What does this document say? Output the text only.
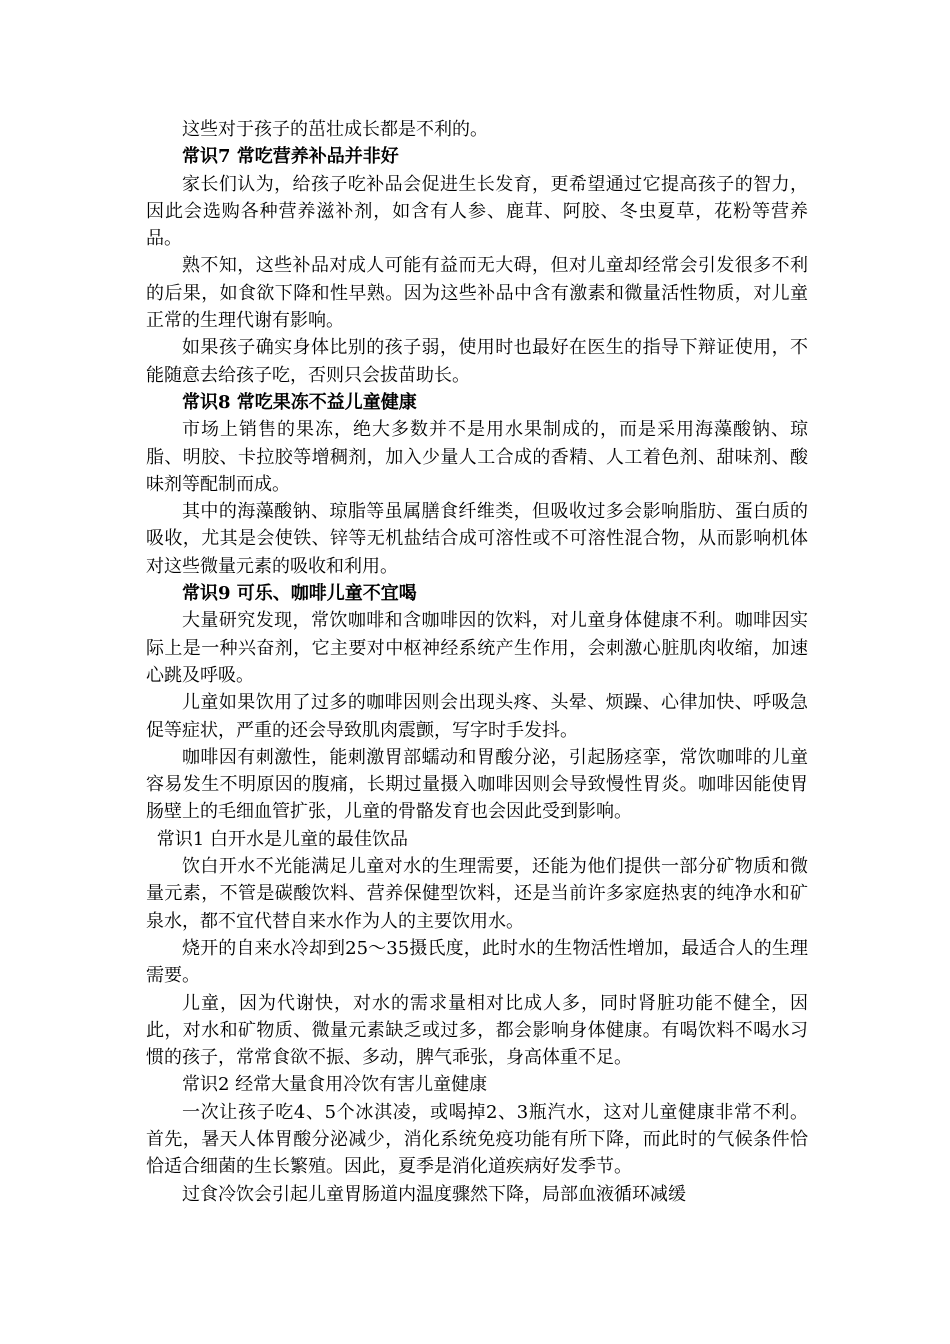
这些对于孩子的茁壮成长都是不利的。

常识7 常吃营养补品并非好

家长们认为，给孩子吃补品会促进生长发育，更希望通过它提高孩子的智力，因此会选购各种营养滋补剂，如含有人参、鹿茸、阿胶、冬虫夏草，花粉等营养品。

熟不知，这些补品对成人可能有益而无大碍，但对儿童却经常会引发很多不利的后果，如食欲下降和性早熟。因为这些补品中含有激素和微量活性物质，对儿童正常的生理代谢有影响。

如果孩子确实身体比别的孩子弱，使用时也最好在医生的指导下辩证使用，不能随意去给孩子吃，否则只会拔苗助长。

常识8 常吃果冻不益儿童健康

市场上销售的果冻，绝大多数并不是用水果制成的，而是采用海藻酸钠、琼脂、明胶、卡拉胶等增稠剂，加入少量人工合成的香精、人工着色剂、甜味剂、酸味剂等配制而成。

其中的海藻酸钠、琼脂等虽属膳食纤维类，但吸收过多会影响脂肪、蛋白质的吸收，尤其是会使铁、锌等无机盐结合成可溶性或不可溶性混合物，从而影响机体对这些微量元素的吸收和利用。

常识9 可乐、咖啡儿童不宜喝

大量研究发现，常饮咖啡和含咖啡因的饮料，对儿童身体健康不利。咖啡因实际上是一种兴奋剂，它主要对中枢神经系统产生作用，会刺激心脏肌肉收缩，加速心跳及呼吸。

儿童如果饮用了过多的咖啡因则会出现头疼、头晕、烦躁、心律加快、呼吸急促等症状，严重的还会导致肌肉震颤，写字时手发抖。

咖啡因有刺激性，能刺激胃部蠕动和胃酸分泌，引起肠痉挛，常饮咖啡的儿童容易发生不明原因的腹痛，长期过量摄入咖啡因则会导致慢性胃炎。咖啡因能使胃肠壁上的毛细血管扩张，儿童的骨骼发育也会因此受到影响。

常识1 白开水是儿童的最佳饮品

饮白开水不光能满足儿童对水的生理需要，还能为他们提供一部分矿物质和微量元素，不管是碳酸饮料、营养保健型饮料，还是当前许多家庭热衷的纯净水和矿泉水，都不宜代替自来水作为人的主要饮用水。

烧开的自来水冷却到25～35摄氏度，此时水的生物活性增加，最适合人的生理需要。

儿童，因为代谢快，对水的需求量相对比成人多，同时肾脏功能不健全，因此，对水和矿物质、微量元素缺乏或过多，都会影响身体健康。有喝饮料不喝水习惯的孩子，常常食欲不振、多动，脾气乖张，身高体重不足。

常识2 经常大量食用冷饮有害儿童健康

一次让孩子吃4、5个冰淇凌，或喝掉2、3瓶汽水，这对儿童健康非常不利。 首先，暑天人体胃酸分泌减少，消化系统免疫功能有所下降，而此时的气候条件恰恰适合细菌的生长繁殖。因此，夏季是消化道疾病好发季节。

过食冷饮会引起儿童胃肠道内温度骤然下降，局部血液循环减缓
